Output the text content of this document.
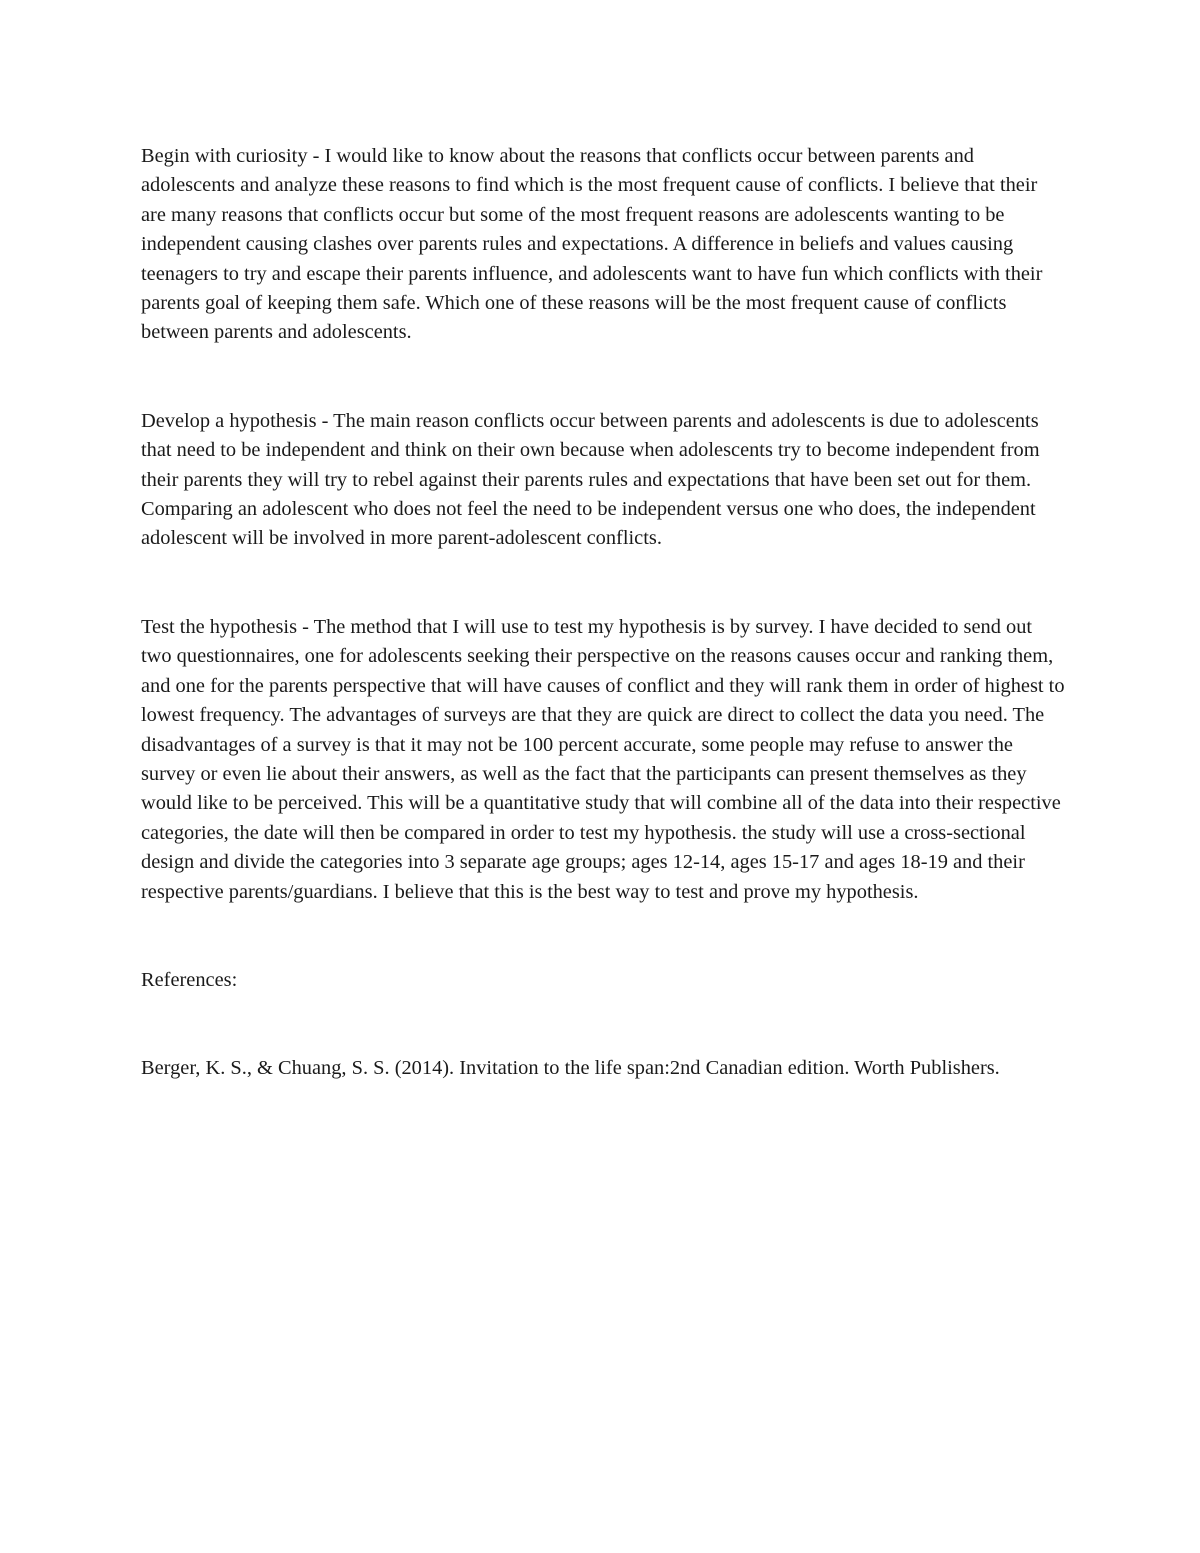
Begin with curiosity - I would like to know about the reasons that conflicts occur between parents and adolescents and analyze these reasons to find which is the most frequent cause of conflicts. I believe that their are many reasons that conflicts occur but some of the most frequent reasons are adolescents wanting to be independent causing clashes over parents rules and expectations. A difference in beliefs and values causing teenagers to try and escape their parents influence, and adolescents want to have fun which conflicts with their parents goal of keeping them safe. Which one of these reasons will be the most frequent cause of conflicts between parents and adolescents.

Develop a hypothesis - The main reason conflicts occur between parents and adolescents is due to adolescents that need to be independent and think on their own because when adolescents try to become independent from their parents they will try to rebel against their parents rules and expectations that have been set out for them. Comparing an adolescent who does not feel the need to be independent versus one who does, the independent adolescent will be involved in more parent-adolescent conflicts.

Test the hypothesis - The method that I will use to test my hypothesis is by survey. I have decided to send out two questionnaires, one for adolescents seeking their perspective on the reasons causes occur and ranking them, and one for the parents perspective that will have causes of conflict and they will rank them in order of highest to lowest frequency. The advantages of surveys are that they are quick are direct to collect the data you need. The disadvantages of a survey is that it may not be 100 percent accurate, some people may refuse to answer the survey or even lie about their answers, as well as the fact that the participants can present themselves as they would like to be perceived. This will be a quantitative study that will combine all of the data into their respective categories, the date will then be compared in order to test my hypothesis. the study will use a cross-sectional design and divide the categories into 3 separate age groups; ages 12-14, ages 15-17 and ages 18-19 and their respective parents/guardians. I believe that this is the best way to test and prove my hypothesis.

References:

Berger, K. S., & Chuang, S. S. (2014). Invitation to the life span:2nd Canadian edition. Worth Publishers.
